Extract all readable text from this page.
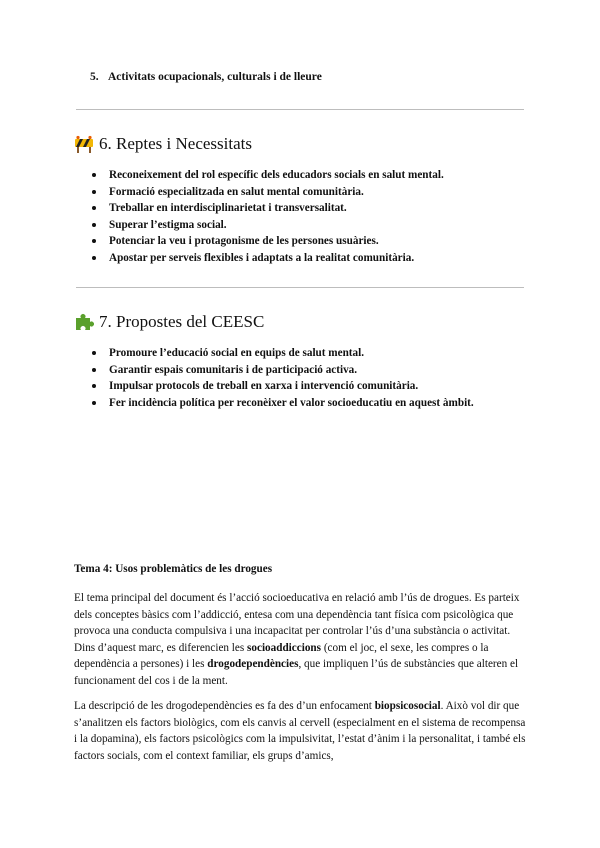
5. Activitats ocupacionals, culturals i de lleure
6. Reptes i Necessitats
Reconeixement del rol específic dels educadors socials en salut mental.
Formació especialitzada en salut mental comunitària.
Treballar en interdisciplinarietat i transversalitat.
Superar l’estigma social.
Potenciar la veu i protagonisme de les persones usuàries.
Apostar per serveis flexibles i adaptats a la realitat comunitària.
7. Propostes del CEESC
Promoure l’educació social en equips de salut mental.
Garantir espais comunitaris i de participació activa.
Impulsar protocols de treball en xarxa i intervenció comunitària.
Fer incidència política per reconèixer el valor socioeducatiu en aquest àmbit.
Tema 4: Usos problemàtics de les drogues

El tema principal del document és l’acció socioeducativa en relació amb l’ús de drogues. Es parteix dels conceptes bàsics com l’addicció, entesa com una dependència tant física com psicològica que provoca una conducta compulsiva i una incapacitat per controlar l’ús d’una substància o activitat. Dins d’aquest marc, es diferencien les socioaddiccions (com el joc, el sexe, les compres o la dependència a persones) i les drogodependències, que impliquen l’ús de substàncies que alteren el funcionament del cos i de la ment.

La descripció de les drogodependències es fa des d’un enfocament biopsicosocial. Això vol dir que s’analitzen els factors biològics, com els canvis al cervell (especialment en el sistema de recompensa i la dopamina), els factors psicològics com la impulsivitat, l’estat d’ànim i la personalitat, i també els factors socials, com el context familiar, els grups d’amics,
